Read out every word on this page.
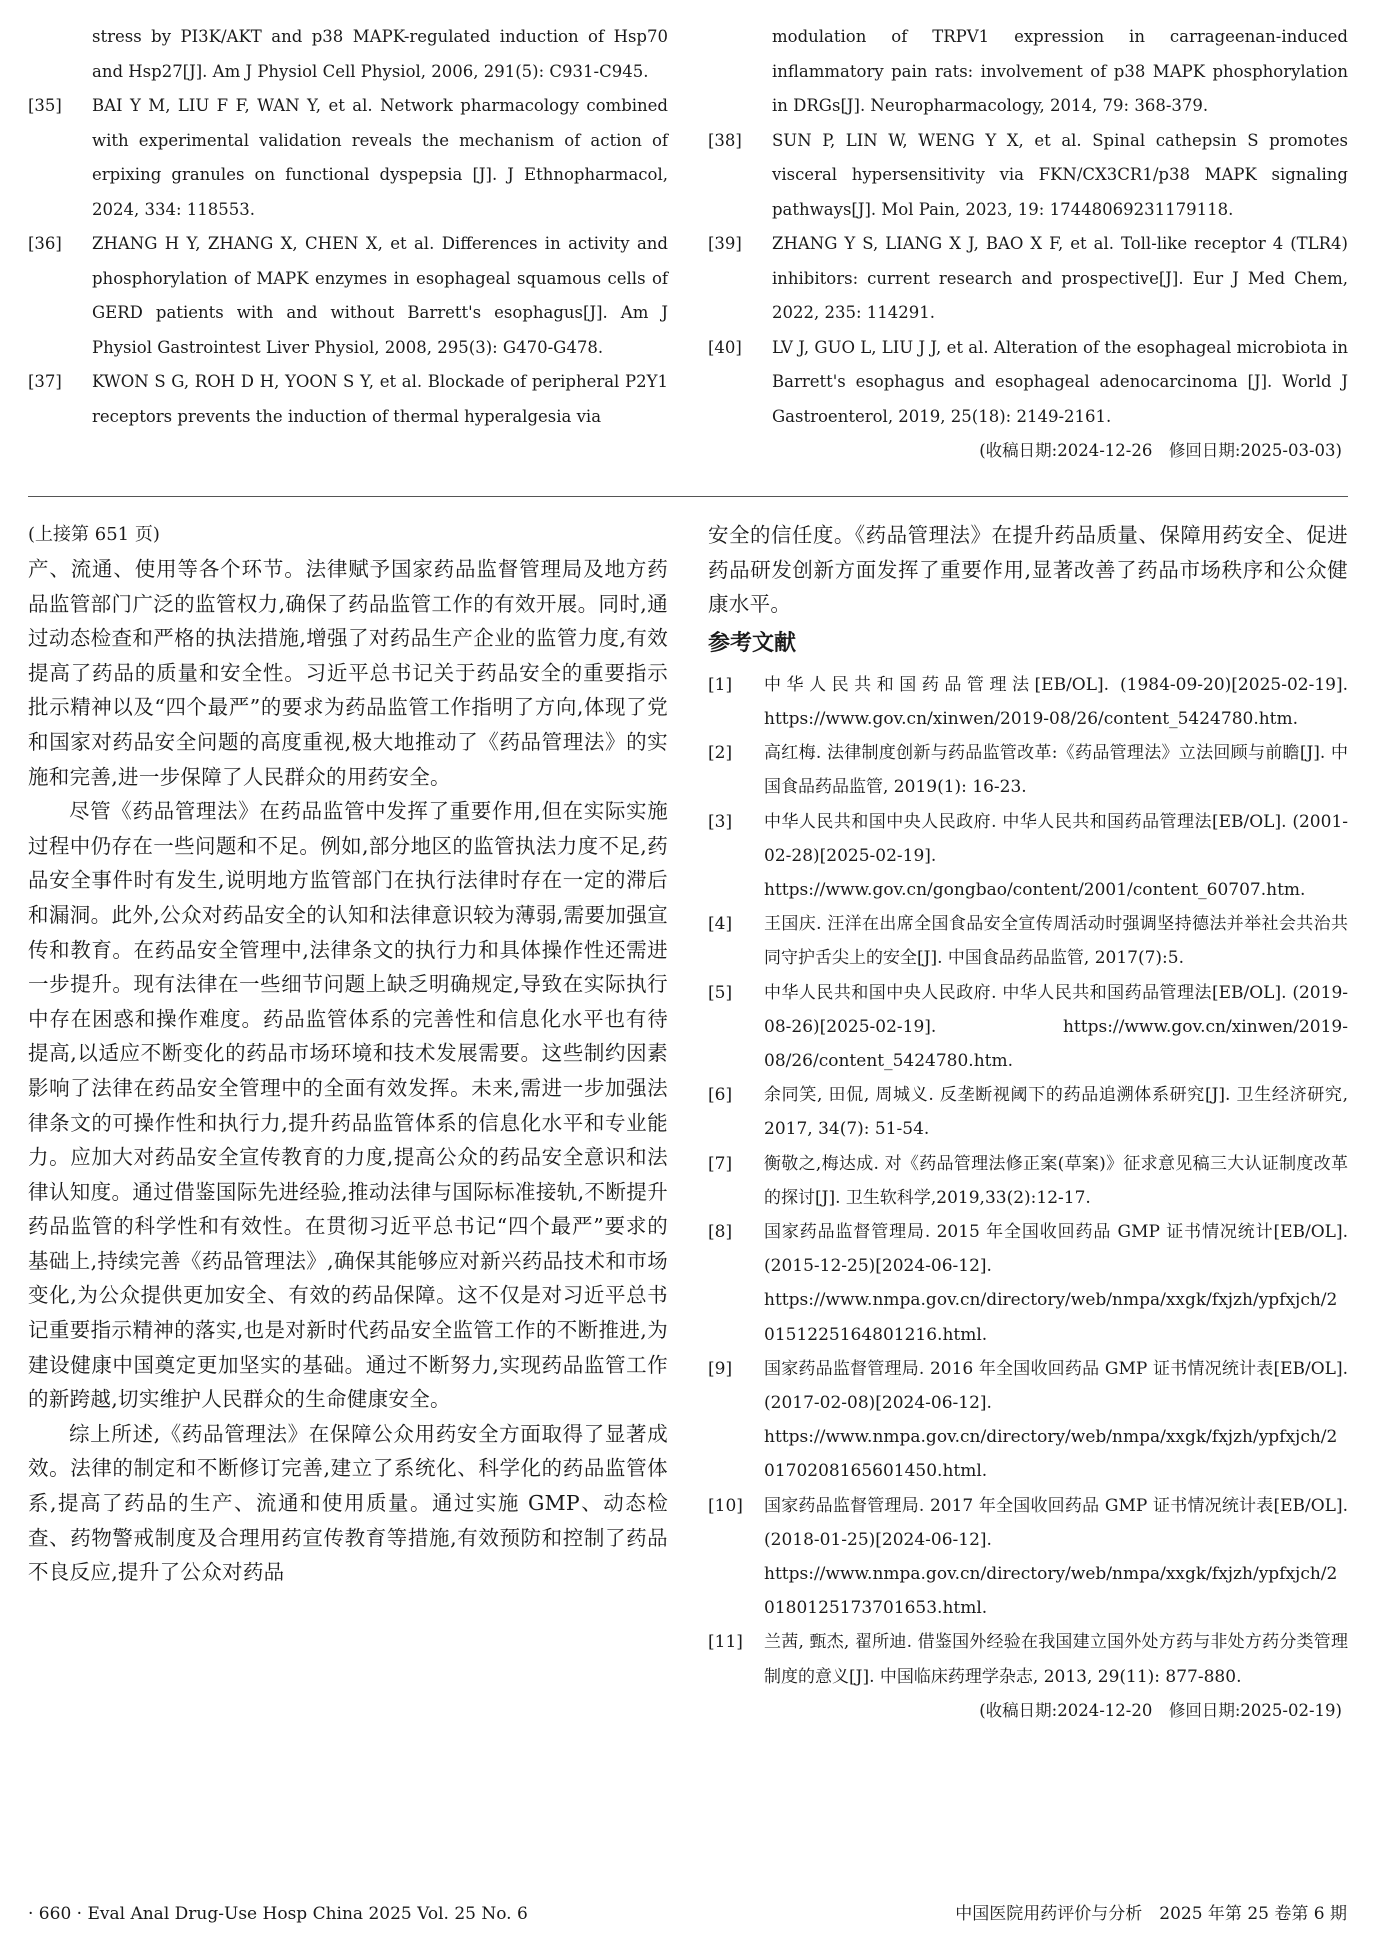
stress by PI3K/AKT and p38 MAPK-regulated induction of Hsp70 and Hsp27[J]. Am J Physiol Cell Physiol, 2006, 291(5): C931-C945.
[35]	BAI Y M, LIU F F, WAN Y, et al. Network pharmacology combined with experimental validation reveals the mechanism of action of erpixing granules on functional dyspepsia [J]. J Ethnopharmacol, 2024, 334: 118553.
[36]	ZHANG H Y, ZHANG X, CHEN X, et al. Differences in activity and phosphorylation of MAPK enzymes in esophageal squamous cells of GERD patients with and without Barrett's esophagus[J]. Am J Physiol Gastrointest Liver Physiol, 2008, 295(3): G470-G478.
[37]	KWON S G, ROH D H, YOON S Y, et al. Blockade of peripheral P2Y1 receptors prevents the induction of thermal hyperalgesia via
modulation of TRPV1 expression in carrageenan-induced inflammatory pain rats: involvement of p38 MAPK phosphorylation in DRGs[J]. Neuropharmacology, 2014, 79: 368-379.
[38]	SUN P, LIN W, WENG Y X, et al. Spinal cathepsin S promotes visceral hypersensitivity via FKN/CX3CR1/p38 MAPK signaling pathways[J]. Mol Pain, 2023, 19: 17448069231179118.
[39]	ZHANG Y S, LIANG X J, BAO X F, et al. Toll-like receptor 4 (TLR4) inhibitors: current research and prospective[J]. Eur J Med Chem, 2022, 235: 114291.
[40]	LV J, GUO L, LIU J J, et al. Alteration of the esophageal microbiota in Barrett's esophagus and esophageal adenocarcinoma [J]. World J Gastroenterol, 2019, 25(18): 2149-2161.
(收稿日期:2024-12-26　修回日期:2025-03-03)
(上接第 651 页)

产、流通、使用等各个环节。法律赋予国家药品监督管理局及地方药品监管部门广泛的监管权力,确保了药品监管工作的有效开展。同时,通过动态检查和严格的执法措施,增强了对药品生产企业的监管力度,有效提高了药品的质量和安全性。习近平总书记关于药品安全的重要指示批示精神以及“四个最严”的要求为药品监管工作指明了方向,体现了党和国家对药品安全问题的高度重视,极大地推动了《药品管理法》的实施和完善,进一步保障了人民群众的用药安全。

尽管《药品管理法》在药品监管中发挥了重要作用,但在实际实施过程中仍存在一些问题和不足。例如,部分地区的监管执法力度不足,药品安全事件时有发生,说明地方监管部门在执行法律时存在一定的滞后和漏洞。此外,公众对药品安全的认知和法律意识较为薄弱,需要加强宣传和教育。在药品安全管理中,法律条文的执行力和具体操作性还需进一步提升。现有法律在一些细节问题上缺乏明确规定,导致在实际执行中存在困惑和操作难度。药品监管体系的完善性和信息化水平也有待提高,以适应不断变化的药品市场环境和技术发展需要。这些制约因素影响了法律在药品安全管理中的全面有效发挥。未来,需进一步加强法律条文的可操作性和执行力,提升药品监管体系的信息化水平和专业能力。应加大对药品安全宣传教育的力度,提高公众的药品安全意识和法律认知度。通过借鉴国际先进经验,推动法律与国际标准接轨,不断提升药品监管的科学性和有效性。在贯彻习近平总书记“四个最严”要求的基础上,持续完善《药品管理法》,确保其能够应对新兴药品技术和市场变化,为公众提供更加安全、有效的药品保障。这不仅是对习近平总书记重要指示精神的落实,也是对新时代药品安全监管工作的不断推进,为建设健康中国奠定更加坚实的基础。通过不断努力,实现药品监管工作的新跨越,切实维护人民群众的生命健康安全。

综上所述,《药品管理法》在保障公众用药安全方面取得了显著成效。法律的制定和不断修订完善,建立了系统化、科学化的药品监管体系,提高了药品的生产、流通和使用质量。通过实施 GMP、动态检查、药物警戒制度及合理用药宣传教育等措施,有效预防和控制了药品不良反应,提升了公众对药品

安全的信任度。《药品管理法》在提升药品质量、保障用药安全、促进药品研发创新方面发挥了重要作用,显著改善了药品市场秩序和公众健康水平。

参考文献
[1]	中华人民共和国药品管理法[EB/OL]. (1984-09-20)[2025-02-19]. https://www.gov.cn/xinwen/2019-08/26/content_5424780.htm.
[2]	高红梅. 法律制度创新与药品监管改革:《药品管理法》立法回顾与前瞻[J]. 中国食品药品监管, 2019(1): 16-23.
[3]	中华人民共和国中央人民政府. 中华人民共和国药品管理法[EB/OL]. (2001-02-28)[2025-02-19]. https://www.gov.cn/gongbao/content/2001/content_60707.htm.
[4]	王国庆. 汪洋在出席全国食品安全宣传周活动时强调坚持德法并举社会共治共同守护舌尖上的安全[J]. 中国食品药品监管, 2017(7):5.
[5]	中华人民共和国中央人民政府. 中华人民共和国药品管理法[EB/OL]. (2019-08-26)[2025-02-19]. https://www.gov.cn/xinwen/2019-08/26/content_5424780.htm.
[6]	余同笑, 田侃, 周城义. 反垄断视阈下的药品追溯体系研究[J]. 卫生经济研究, 2017, 34(7): 51-54.
[7]	衡敬之,梅达成. 对《药品管理法修正案(草案)》征求意见稿三大认证制度改革的探讨[J]. 卫生软科学,2019,33(2):12-17.
[8]	国家药品监督管理局. 2015 年全国收回药品 GMP 证书情况统计[EB/OL]. (2015-12-25)[2024-06-12]. https://www.nmpa.gov.cn/directory/web/nmpa/xxgk/fxjzh/ypfxjch/20151225164801216.html.
[9]	国家药品监督管理局. 2016 年全国收回药品 GMP 证书情况统计表[EB/OL]. (2017-02-08)[2024-06-12]. https://www.nmpa.gov.cn/directory/web/nmpa/xxgk/fxjzh/ypfxjch/20170208165601450.html.
[10]	国家药品监督管理局. 2017 年全国收回药品 GMP 证书情况统计表[EB/OL]. (2018-01-25)[2024-06-12]. https://www.nmpa.gov.cn/directory/web/nmpa/xxgk/fxjzh/ypfxjch/20180125173701653.html.
[11]	兰茜, 甄杰, 翟所迪. 借鉴国外经验在我国建立国外处方药与非处方药分类管理制度的意义[J]. 中国临床药理学杂志, 2013, 29(11): 877-880.
(收稿日期:2024-12-20　修回日期:2025-02-19)
· 660 · Eval Anal Drug-Use Hosp China 2025 Vol. 25 No. 6	中国医院用药评价与分析　2025 年第 25 卷第 6 期
